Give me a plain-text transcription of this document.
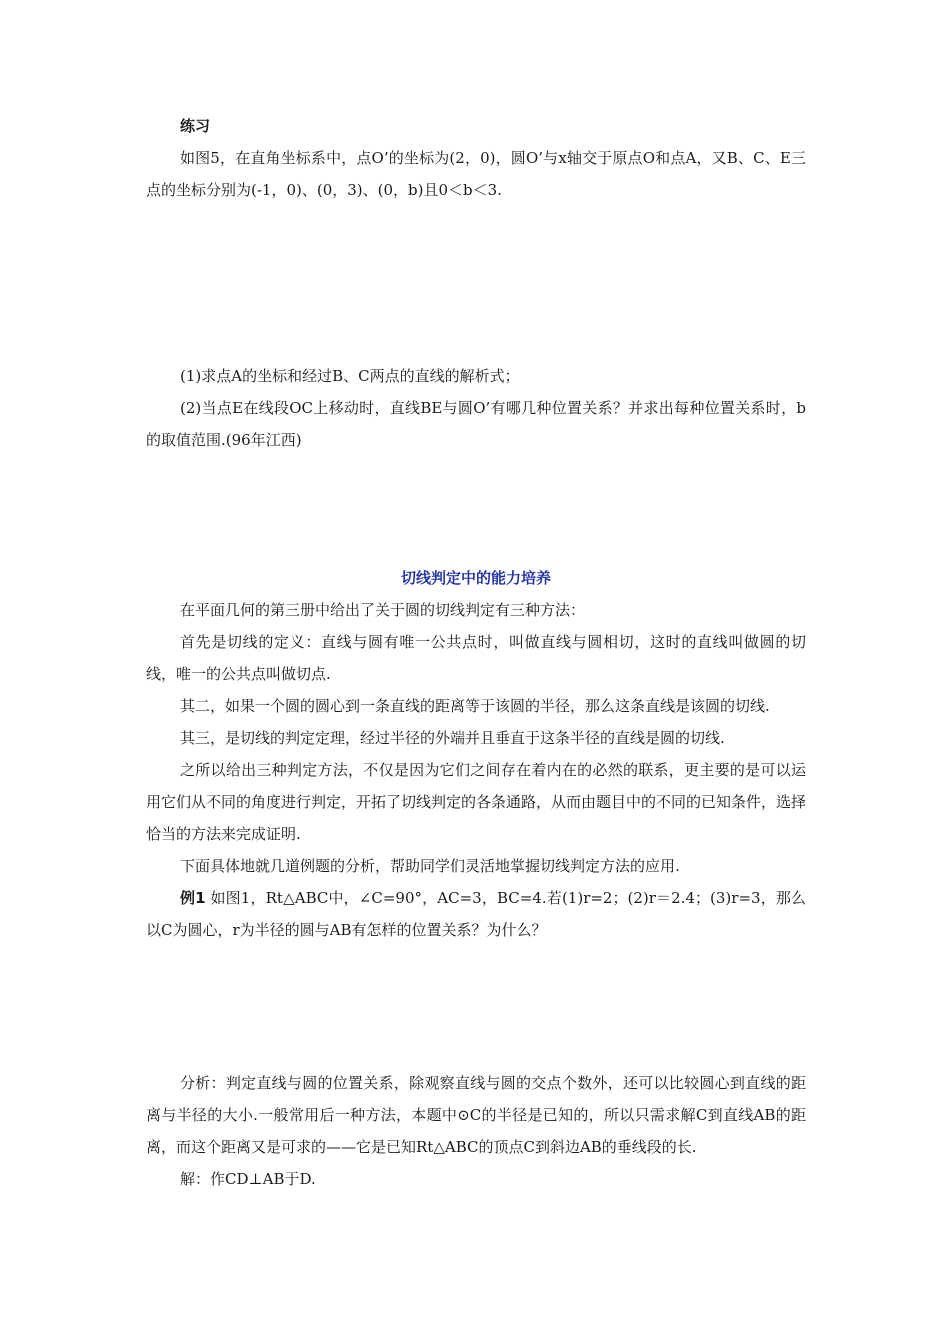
练习

如图5，在直角坐标系中，点O’的坐标为(2，0)，圆O’与x轴交于原点O和点A，又B、C、E三点的坐标分别为(-1，0)、(0，3)、(0，b)且0＜b＜3.

(1)求点A的坐标和经过B、C两点的直线的解析式；

(2)当点E在线段OC上移动时，直线BE与圆O’有哪几种位置关系？并求出每种位置关系时，b的取值范围.(96年江西)

切线判定中的能力培养

在平面几何的第三册中给出了关于圆的切线判定有三种方法：

首先是切线的定义：直线与圆有唯一公共点时，叫做直线与圆相切，这时的直线叫做圆的切线，唯一的公共点叫做切点.

其二，如果一个圆的圆心到一条直线的距离等于该圆的半径，那么这条直线是该圆的切线.

其三，是切线的判定定理，经过半径的外端并且垂直于这条半径的直线是圆的切线.

之所以给出三种判定方法，不仅是因为它们之间存在着内在的必然的联系，更主要的是可以运用它们从不同的角度进行判定，开拓了切线判定的各条通路，从而由题目中的不同的已知条件，选择恰当的方法来完成证明.

下面具体地就几道例题的分析，帮助同学们灵活地掌握切线判定方法的应用.

例1 如图1，Rt△ABC中，∠C=90°，AC=3，BC=4.若(1)r=2；(2)r＝2.4；(3)r=3，那么以C为圆心，r为半径的圆与AB有怎样的位置关系？为什么？

分析：判定直线与圆的位置关系，除观察直线与圆的交点个数外，还可以比较圆心到直线的距离与半径的大小.一般常用后一种方法，本题中⊙C的半径是已知的，所以只需求解C到直线AB的距离，而这个距离又是可求的——它是已知Rt△ABC的顶点C到斜边AB的垂线段的长.

解：作CD⊥AB于D.
